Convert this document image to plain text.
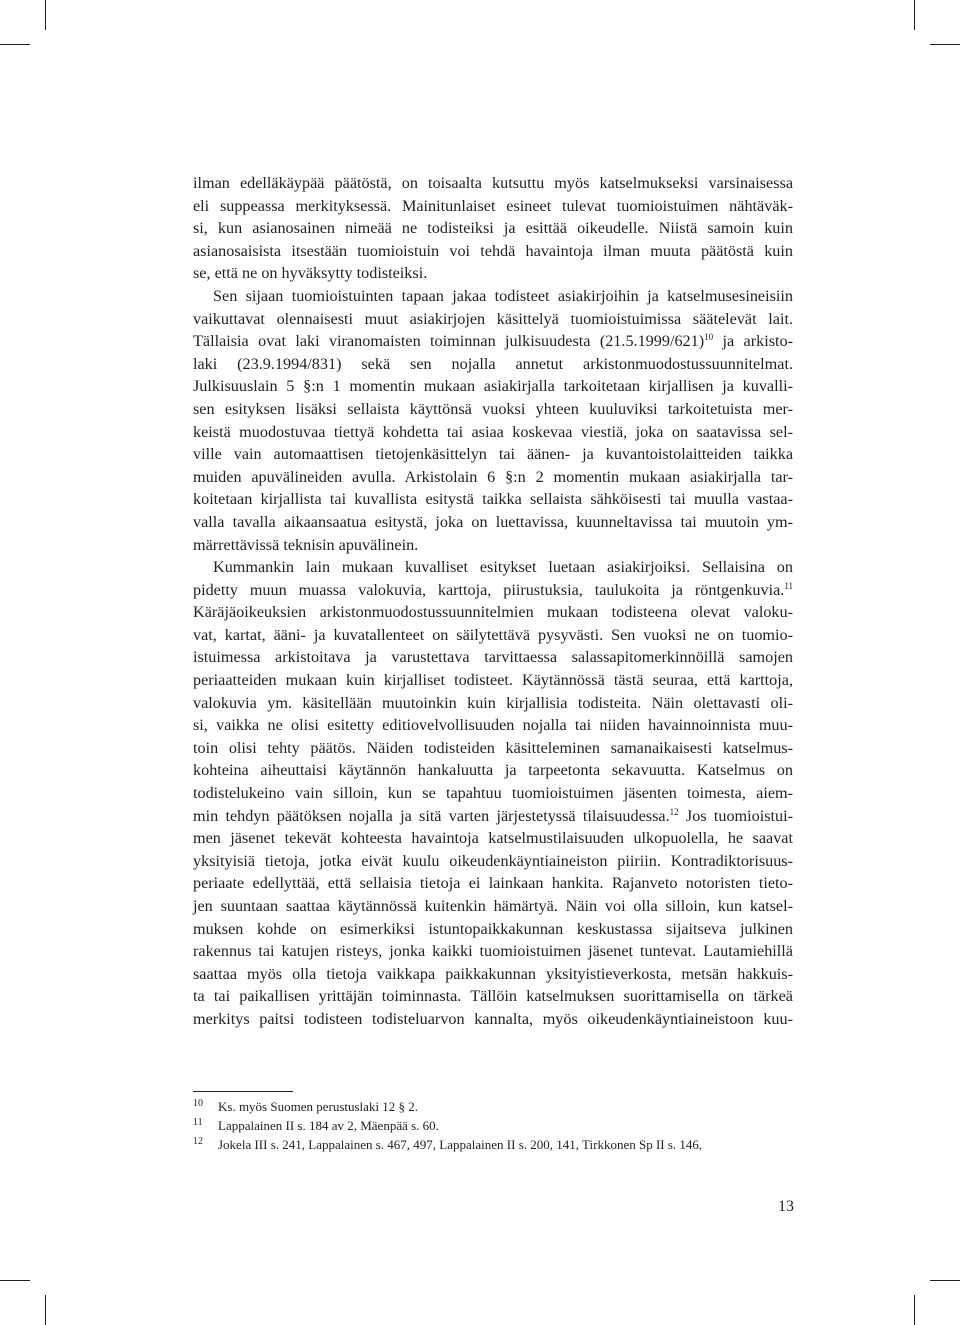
ilman edelläkäypää päätöstä, on toisaalta kutsuttu myös katselmukseksi varsinaisessa
eli suppeassa merkityksessä. Mainitunlaiset esineet tulevat tuomioistuimen nähtäväk-
si, kun asianosainen nimeää ne todisteiksi ja esittää oikeudelle. Niistä samoin kuin
asianosaisista itsestään tuomioistuin voi tehdä havaintoja ilman muuta päätöstä kuin
se, että ne on hyväksytty todisteiksi.
Sen sijaan tuomioistuinten tapaan jakaa todisteet asiakirjoihin ja katselmusesineisiin
vaikuttavat olennaisesti muut asiakirjojen käsittelyä tuomioistuimissa säätelevät lait.
Tällaisia ovat laki viranomaisten toiminnan julkisuudesta $(21.5.1999/621)^{10}$ ja arkisto-
laki (23.9.1994/831) sekä sen nojalla annetut arkistonmuodostussuunnitelmat.
Julkisuuslain 5 §:n 1 momentin mukaan asiakirjalla tarkoitetaan kirjallisen ja kuvalli-
sen esityksen lisäksi sellaista käyttönsä vuoksi yhteen kuuluviksi tarkoitetuista mer-
keistä muodostuvaa tiettyä kohdetta tai asiaa koskevaa viestiä, joka on saatavissa sel-
ville vain automaattisen tietojenkäsittelyn tai äänen- ja kuvantoistolaitteiden taikka
muiden apuvälineiden avulla. Arkistolain 6 §:n 2 momentin mukaan asiakirjalla tar-
koitetaan kirjallista tai kuvallista esitystä taikka sellaista sähköisesti tai muulla vastaa-
valla tavalla aikaansaatua esitystä, joka on luettavissa, kuunneltavissa tai muutoin ym-
märrettävissä teknisin apuvälinein.
Kummankin lain mukaan kuvalliset esitykset luetaan asiakirjoiksi. Sellaisina on
pidetty muun muassa valokuvia, karttoja, piirustuksia, taulukoita ja röntgenkuvia.$^{11}$
Käräjäoikeuksien arkistonmuodostussuunnitelmien mukaan todisteena olevat valoku-
vat, kartat, ääni- ja kuvatallenteet on säilytettävä pysyvästi. Sen vuoksi ne on tuomio-
istuimessa arkistoitava ja varustettava tarvittaessa salassapitomerkinnöillä samojen
periaatteiden mukaan kuin kirjalliset todisteet. Käytännössä tästä seuraa, että karttoja,
valokuvia ym. käsitellään muutoinkin kuin kirjallisia todisteita. Näin olettavasti oli-
si, vaikka ne olisi esitetty editiovelvollisuuden nojalla tai niiden havainnoinnista muu-
toin olisi tehty päätös. Näiden todisteiden käsitteleminen samanaikaisesti katselmus-
kohteina aiheuttaisi käytännön hankaluutta ja tarpeetonta sekavuutta. Katselmus on
todistelukeino vain silloin, kun se tapahtuu tuomioistuimen jäsenten toimesta, aiem-
min tehdyn päätöksen nojalla ja sitä varten järjestetyssä tilaisuudessa.$^{12}$ Jos tuomioistui-
men jäsenet tekevät kohteesta havaintoja katselmustilaisuuden ulkopuolella, he saavat
yksityisiä tietoja, jotka eivät kuulu oikeudenkäyntiaineiston piiriin. Kontradiktorisuus-
periaate edellyttää, että sellaisia tietoja ei lainkaan hankita. Rajanveto notoristen tieto-
jen suuntaan saattaa käytännössä kuitenkin hämärtyä. Näin voi olla silloin, kun katsel-
muksen kohde on esimerkiksi istuntopaikkakunnan keskustassa sijaitseva julkinen
rakennus tai katujen risteys, jonka kaikki tuomioistuimen jäsenet tuntevat. Lautamiehillä
saattaa myös olla tietoja vaikkapa paikkakunnan yksityistieverkosta, metsän hakkuis-
ta tai paikallisen yrittäjän toiminnasta. Tällöin katselmuksen suorittamisella on tärkeä
merkitys paitsi todisteen todisteluarvon kannalta, myös oikeudenkäyntiaineistoon kuu-
10 Ks. myös Suomen perustuslaki 12 § 2.
11 Lappalainen II s. 184 av 2, Mäenpää s. 60.
12 Jokela III s. 241, Lappalainen s. 467, 497, Lappalainen II s. 200, 141, Tirkkonen Sp II s. 146,
13
